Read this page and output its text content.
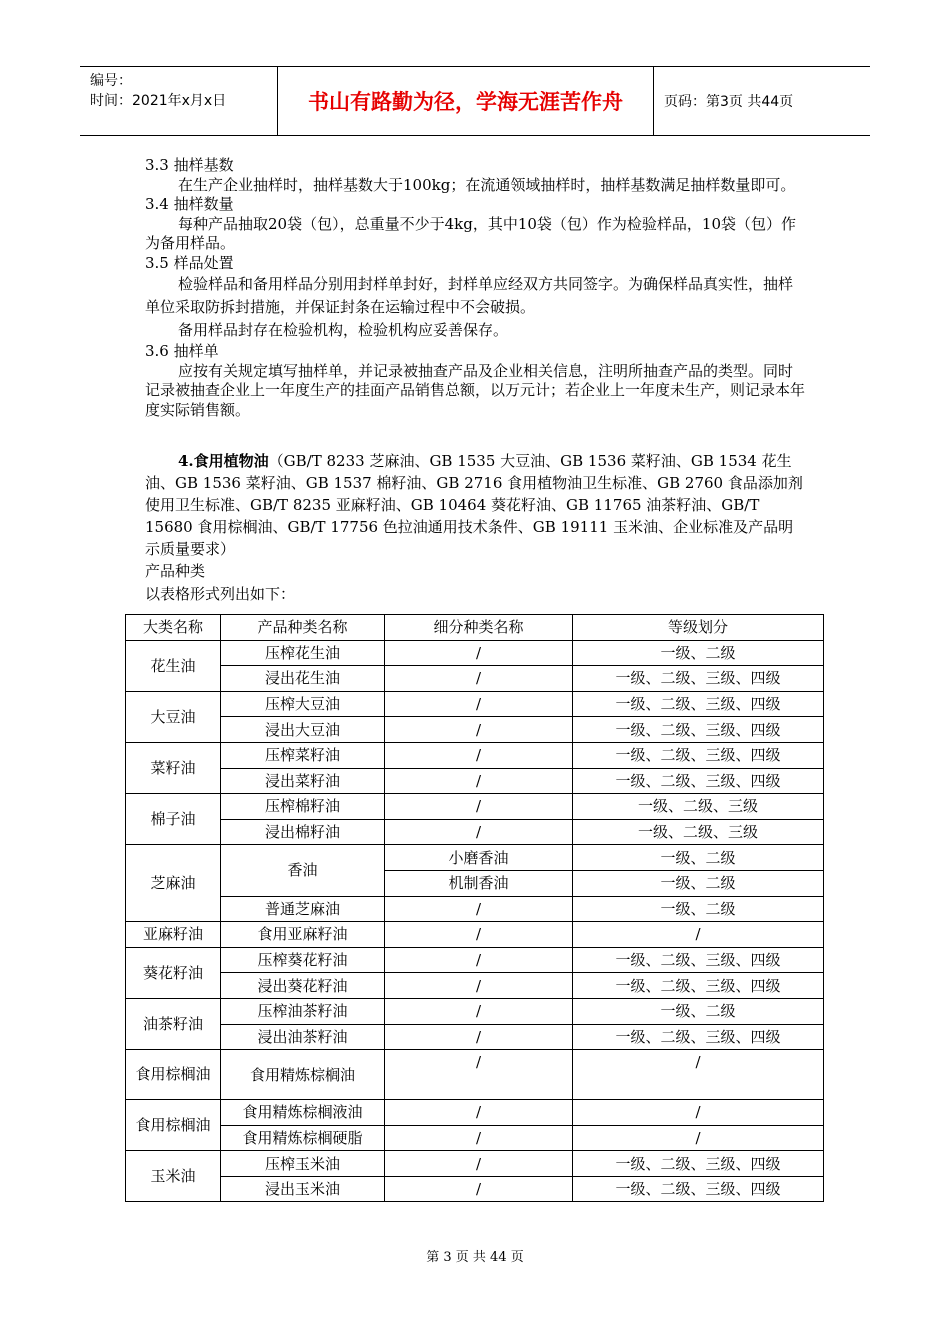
编号：
时间：2021年x月x日	书山有路勤为径，学海无涯苦作舟	页码：第3页 共44页

3.3 抽样基数

在生产企业抽样时，抽样基数大于100kg；在流通领域抽样时，抽样基数满足抽样数量即可。

3.4 抽样数量

每种产品抽取20袋（包），总重量不少于4kg，其中10袋（包）作为检验样品，10袋（包）作为备用样品。

3.5 样品处置

检验样品和备用样品分别用封样单封好，封样单应经双方共同签字。为确保样品真实性，抽样单位采取防拆封措施，并保证封条在运输过程中不会破损。

备用样品封存在检验机构，检验机构应妥善保存。

3.6 抽样单

应按有关规定填写抽样单，并记录被抽查产品及企业相关信息，注明所抽查产品的类型。同时记录被抽查企业上一年度生产的挂面产品销售总额，以万元计；若企业上一年度未生产，则记录本年度实际销售额。

4.食用植物油（GB/T 8233 芝麻油、GB 1535 大豆油、GB 1536 菜籽油、GB 1534 花生油、GB 1536 菜籽油、GB 1537 棉籽油、GB 2716 食用植物油卫生标准、GB 2760 食品添加剂使用卫生标准、GB/T 8235 亚麻籽油、GB 10464 葵花籽油、GB 11765 油茶籽油、GB/T 15680 食用棕榈油、GB/T 17756 色拉油通用技术条件、GB 19111 玉米油、企业标准及产品明示质量要求）

产品种类

以表格形式列出如下：

大类名称	产品种类名称	细分种类名称	等级划分
花生油	压榨花生油	/	一级、二级
	浸出花生油	/	一级、二级、三级、四级
大豆油	压榨大豆油	/	一级、二级、三级、四级
	浸出大豆油	/	一级、二级、三级、四级
菜籽油	压榨菜籽油	/	一级、二级、三级、四级
	浸出菜籽油	/	一级、二级、三级、四级
棉子油	压榨棉籽油	/	一级、二级、三级
	浸出棉籽油	/	一级、二级、三级
芝麻油	香油	小磨香油	一级、二级
		机制香油	一级、二级
	普通芝麻油	/	一级、二级
亚麻籽油	食用亚麻籽油	/	/
葵花籽油	压榨葵花籽油	/	一级、二级、三级、四级
	浸出葵花籽油	/	一级、二级、三级、四级
油茶籽油	压榨油茶籽油	/	一级、二级
	浸出油茶籽油	/	一级、二级、三级、四级
食用棕榈油	食用精炼棕榈油	/	/
食用棕榈油	食用精炼棕榈液油	/	/
	食用精炼棕榈硬脂	/	/
玉米油	压榨玉米油	/	一级、二级、三级、四级
	浸出玉米油	/	一级、二级、三级、四级
第 3 页 共 44 页
